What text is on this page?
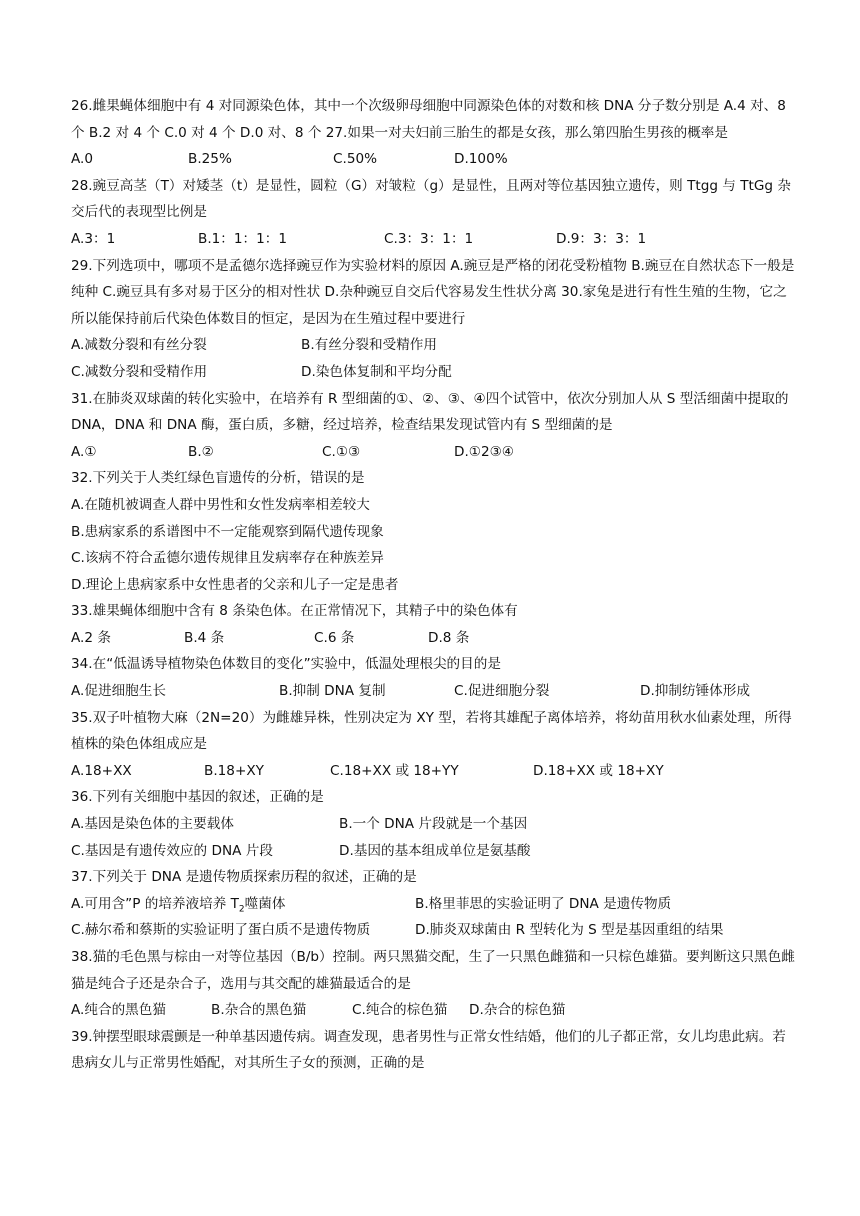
26.雌果蝇体细胞中有 4 对同源染色体，其中一个次级卵母细胞中同源染色体的对数和核 DNA 分子数分别是 A.4 对、8 个 B.2 对 4 个 C.0 对 4 个 D.0 对、8 个 27.如果一对夫妇前三胎生的都是女孩，那么第四胎生男孩的概率是

A.0	B.25%	C.50%	D.100%

28.豌豆高茎（T）对矮茎（t）是显性，圆粒（G）对皱粒（g）是显性，且两对等位基因独立遗传，则 Ttgg 与 TtGg 杂交后代的表现型比例是

A.3：1	B.1：1：1：1	C.3：3：1：1	D.9：3：3：1

29.下列选项中，哪项不是孟德尔选择豌豆作为实验材料的原因 A.豌豆是严格的闭花受粉植物 B.豌豆在自然状态下一般是纯种 C.豌豆具有多对易于区分的相对性状 D.杂种豌豆自交后代容易发生性状分离 30.家兔是进行有性生殖的生物，它之所以能保持前后代染色体数目的恒定，是因为在生殖过程中要进行

A.减数分裂和有丝分裂	B.有丝分裂和受精作用
C.减数分裂和受精作用	D.染色体复制和平均分配

31.在肺炎双球菌的转化实验中，在培养有 R 型细菌的①、②、③、④四个试管中，依次分别加人从 S 型活细菌中提取的 DNA，DNA 和 DNA 酶，蛋白质，多糖，经过培养，检查结果发现试管内有 S 型细菌的是

A.①	B.②	C.①③	D.①2③④

32.下列关于人类红绿色盲遗传的分析，错误的是

A.在随机被调查人群中男性和女性发病率相差较大

B.患病家系的系谱图中不一定能观察到隔代遗传现象

C.该病不符合孟德尔遗传规律且发病率存在种族差异

D.理论上患病家系中女性患者的父亲和儿子一定是患者

33.雄果蝇体细胞中含有 8 条染色体。在正常情况下，其精子中的染色体有

A.2 条	B.4 条	C.6 条	D.8 条

34.在“低温诱导植物染色体数目的变化”实验中，低温处理根尖的目的是

A.促进细胞生长	B.抑制 DNA 复制	C.促进细胞分裂	D.抑制纺锤体形成

35.双子叶植物大麻（2N=20）为雌雄异株，性别决定为 XY 型，若将其雄配子离体培养，将幼苗用秋水仙素处理，所得植株的染色体组成应是

A.18+XX	B.18+XY	C.18+XX 或 18+YY	D.18+XX 或 18+XY

36.下列有关细胞中基因的叙述，正确的是

A.基因是染色体的主要载体	B.一个 DNA 片段就是一个基因
C.基因是有遗传效应的 DNA 片段	D.基因的基本组成单位是氨基酸

37.下列关于 DNA 是遗传物质探索历程的叙述，正确的是

A.可用含”P 的培养液培养 $T_2$噬菌体	B.格里菲思的实验证明了 DNA 是遗传物质
C.赫尔希和蔡斯的实验证明了蛋白质不是遗传物质	D.肺炎双球菌由 R 型转化为 S 型是基因重组的结果

38.猫的毛色黑与棕由一对等位基因（B/b）控制。两只黑猫交配，生了一只黑色雌猫和一只棕色雄猫。要判断这只黑色雌猫是纯合子还是杂合子，选用与其交配的雄猫最适合的是

A.纯合的黑色猫	B.杂合的黑色猫	C.纯合的棕色猫	D.杂合的棕色猫

39.钟摆型眼球震颤是一种单基因遗传病。调查发现，患者男性与正常女性结婚，他们的儿子都正常，女儿均患此病。若患病女儿与正常男性婚配，对其所生子女的预测，正确的是
